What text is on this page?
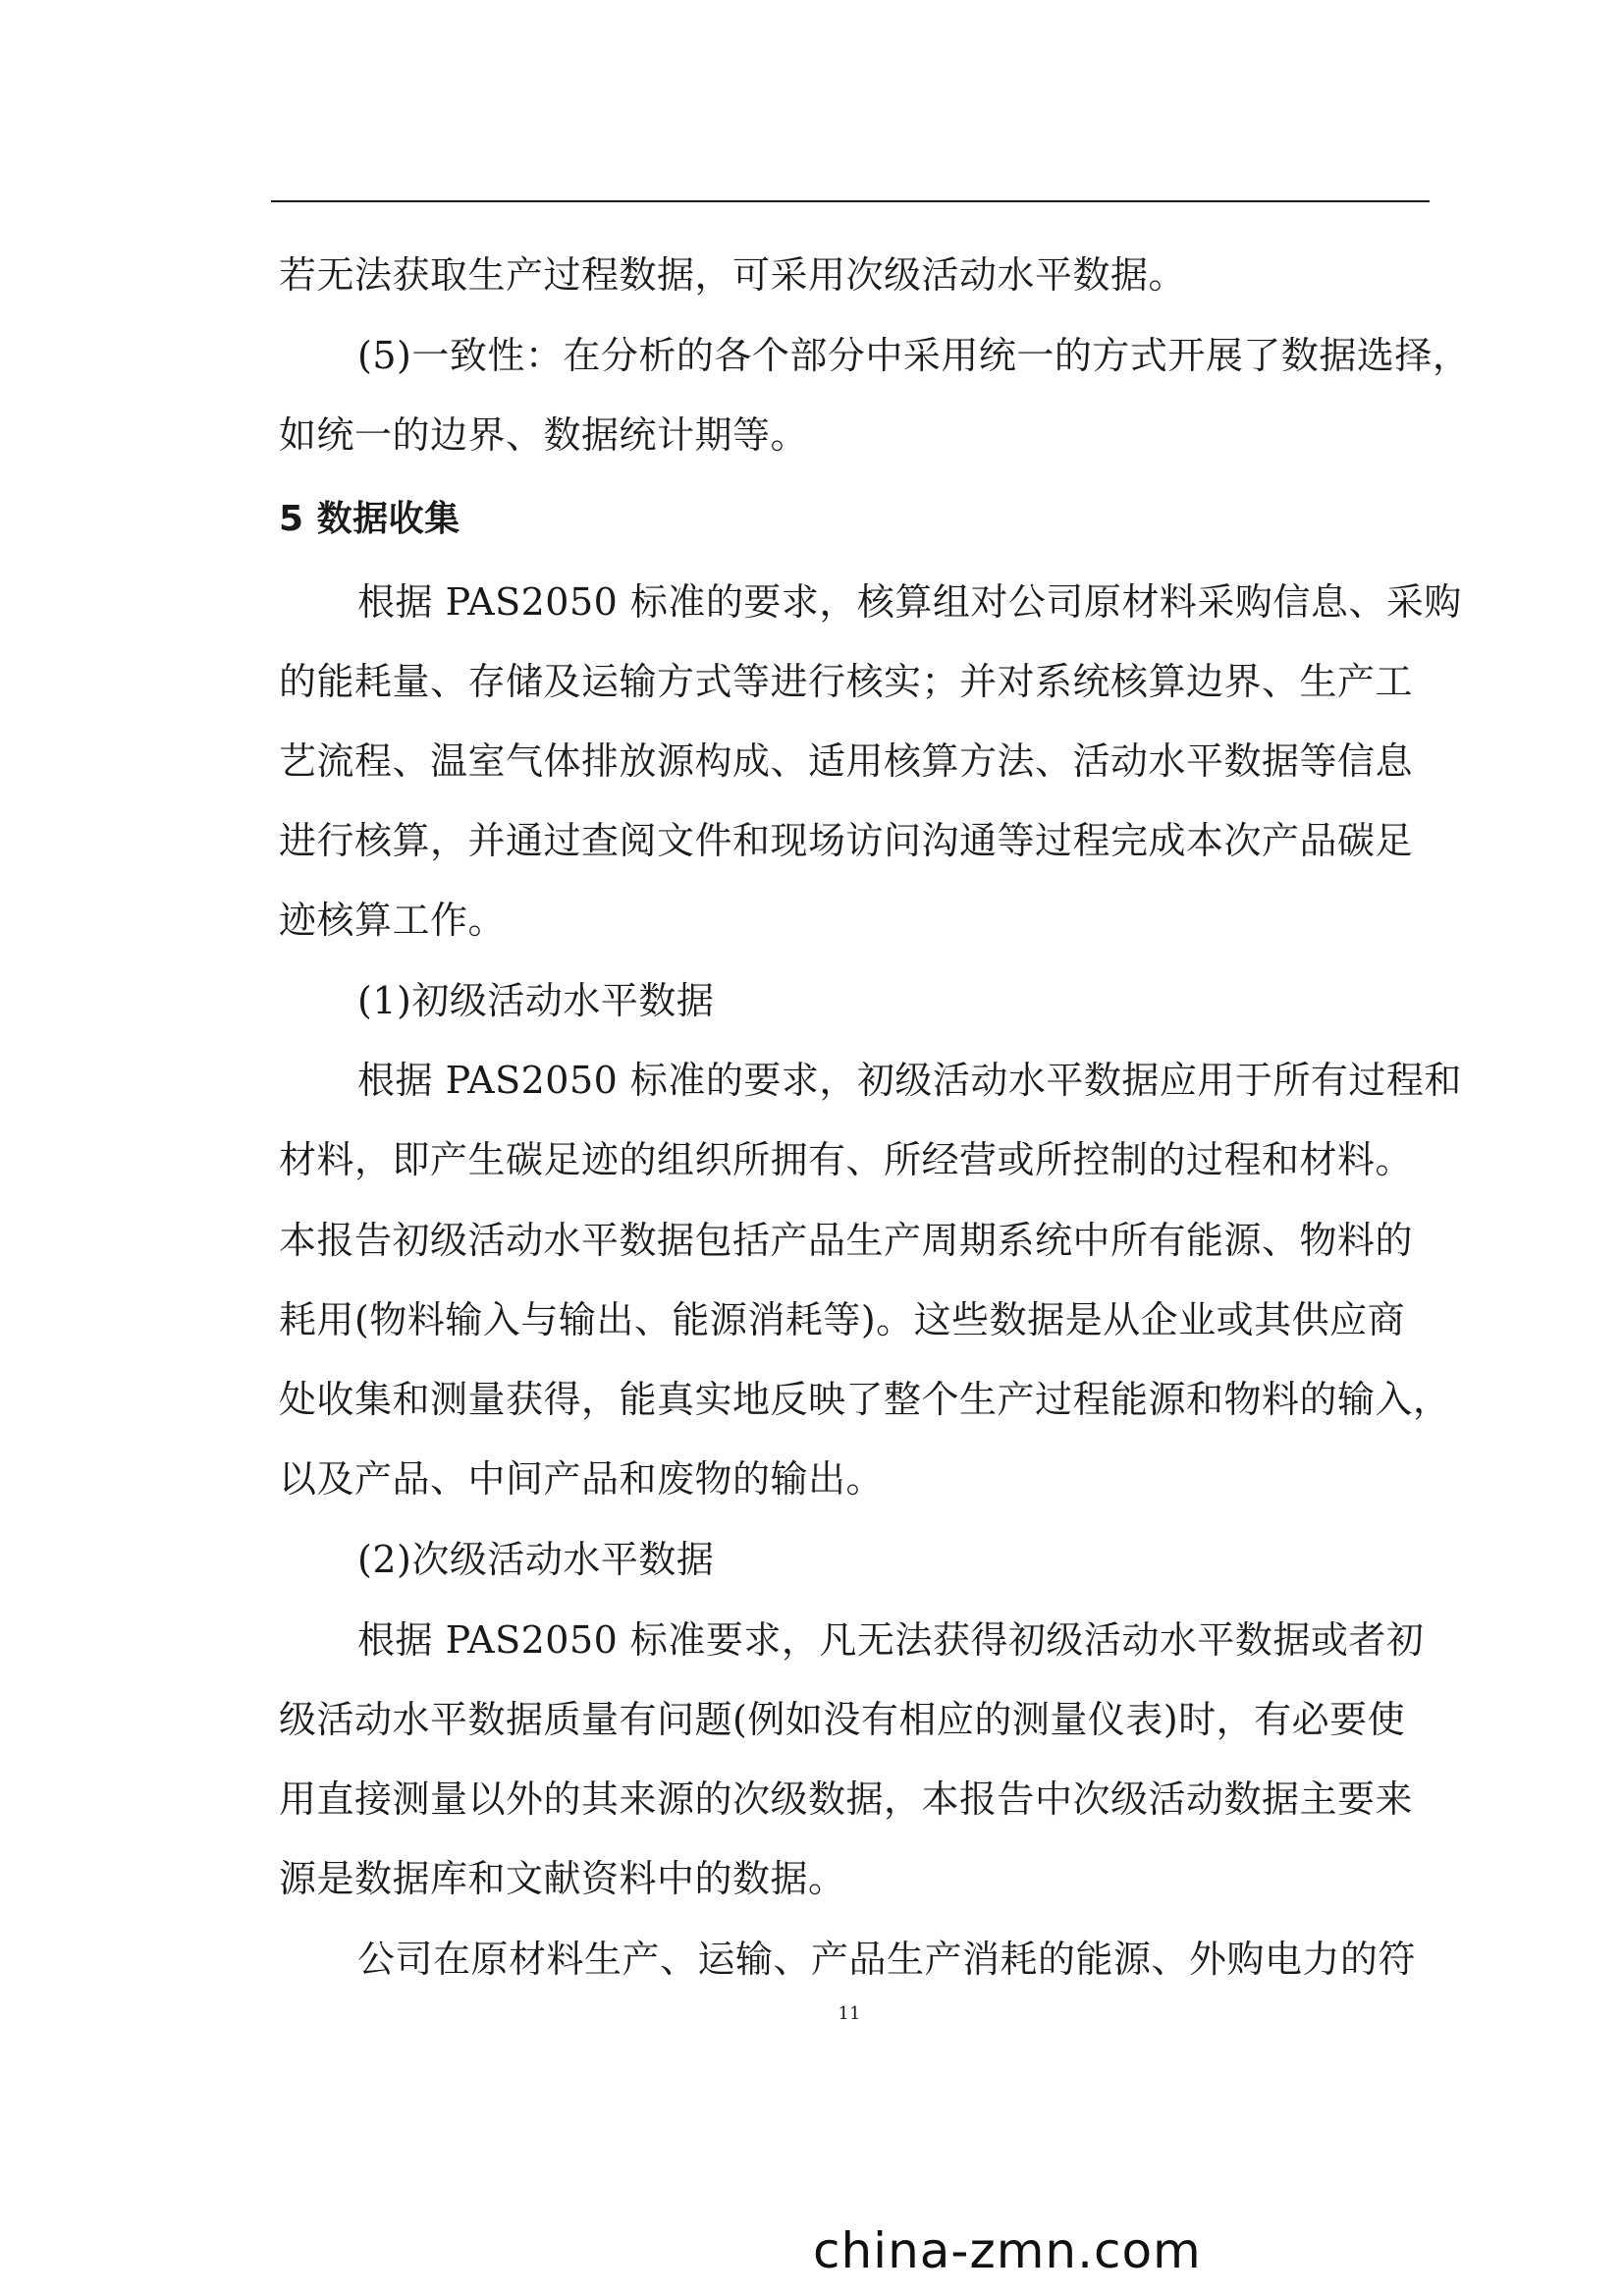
若无法获取生产过程数据，可采用次级活动水平数据。
(5)一致性：在分析的各个部分中采用统一的方式开展了数据选择，
如统一的边界、数据统计期等。
5 数据收集
根据 PAS2050 标准的要求，核算组对公司原材料采购信息、采购
的能耗量、存储及运输方式等进行核实；并对系统核算边界、生产工
艺流程、温室气体排放源构成、适用核算方法、活动水平数据等信息
进行核算，并通过查阅文件和现场访问沟通等过程完成本次产品碳足
迹核算工作。
(1)初级活动水平数据
根据 PAS2050 标准的要求，初级活动水平数据应用于所有过程和
材料，即产生碳足迹的组织所拥有、所经营或所控制的过程和材料。
本报告初级活动水平数据包括产品生产周期系统中所有能源、物料的
耗用(物料输入与输出、能源消耗等)。这些数据是从企业或其供应商
处收集和测量获得，能真实地反映了整个生产过程能源和物料的输入，
以及产品、中间产品和废物的输出。
(2)次级活动水平数据
根据 PAS2050 标准要求，凡无法获得初级活动水平数据或者初
级活动水平数据质量有问题(例如没有相应的测量仪表)时，有必要使
用直接测量以外的其来源的次级数据，本报告中次级活动数据主要来
源是数据库和文献资料中的数据。
公司在原材料生产、运输、产品生产消耗的能源、外购电力的符
11
china-zmn.com
